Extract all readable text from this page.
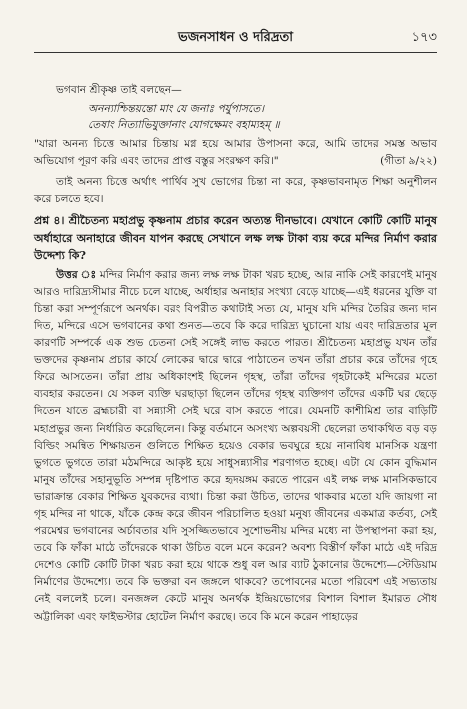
ভজনসাধন ও দরিদ্রতা	১৭৩

ভগবান শ্রীকৃষ্ণ তাই বলছেন—

অনন্যাশ্চিন্তয়ন্তো মাং যে জনাঃ পর্যুপাসতে।
তেষাং নিত্যাভিযুক্তানাং যোগক্ষেমং বহাম্যহম্ ॥

"যারা অনন্য চিত্তে আমার চিন্তায় মগ্ন হয়ে আমার উপাসনা করে, আমি তাদের সমস্ত অভাব অভিযোগ পূরণ করি এবং তাদের প্রাপ্ত বস্তুর সংরক্ষণ করি।"	(গীতা ৯/২২)

তাই অনন্য চিত্তে অর্থাৎ পার্থিব সুখ ভোগের চিন্তা না করে, কৃষ্ণভাবনামৃত শিক্ষা অনুশীলন করে চলতে হবে।

প্রশ্ন ৪। শ্রীচৈতন্য মহাপ্রভু কৃষ্ণনাম প্রচার করেন অত্যন্ত দীনভাবে। যেখানে কোটি কোটি মানুষ অর্ধাহারে অনাহারে জীবন যাপন করছে সেখানে লক্ষ লক্ষ টাকা ব্যয় করে মন্দির নির্মাণ করার উদ্দেশ্য কি?

উত্তর ঃ মন্দির নির্মাণ করার জন্য লক্ষ লক্ষ টাকা খরচ হচ্ছে, আর নাকি সেই কারণেই মানুষ আরও দারিদ্র্যসীমার নীচে চলে যাচ্ছে, অর্ধাহার অনাহার সংখ্যা বেড়ে যাচ্ছে—এই ধরনের যুক্তি বা চিন্তা করা সম্পূর্ণরূপে অনর্থক। বরং বিপরীত কথাটাই সত্য যে, মানুষ যদি মন্দির তৈরির জন্য দান দিত, মন্দিরে এসে ভগবানের কথা শুনত—তবে কি করে দারিদ্র্য ঘুচানো যায় এবং দারিদ্রতার মূল কারণটি সম্পর্কে এক শুভ চেতনা সেই সঙ্গেই লাভ করতে পারত। শ্রীচৈতন্য মহাপ্রভু যখন তাঁর ভক্তদের কৃষ্ণনাম প্রচার কার্যে লোকের দ্বারে দ্বারে পাঠাতেন তখন তাঁরা প্রচার করে তাঁদের গৃহে ফিরে আসতেন। তাঁরা প্রায় অধিকাংশই ছিলেন গৃহস্থ, তাঁরা তাঁদের গৃহটাকেই মন্দিরের মতো ব্যবহার করতেন। যে সকল ব্যক্তি ঘরছাড়া ছিলেন তাঁদের গৃহস্থ ব্যক্তিগণ তাঁদের একটি ঘর ছেড়ে দিতেন যাতে ব্রহ্মচারী বা সন্ন্যাসী সেই ঘরে বাস করতে পারে। যেমনটি কাশীমিশ্র তার বাড়িটি মহাপ্রভুর জন্য নির্ধারিত করেছিলেন। কিন্তু বর্তমানে অসংখ্য অল্পবয়সী ছেলেরা তথাকথিত বড় বড় বিল্ডিং সমন্বিত শিক্ষায়তন গুলিতে শিক্ষিত হয়েও বেকার ভবঘুরে হয়ে নানাবিধ মানসিক যন্ত্রণা ভুগতে ভুগতে তারা মঠমন্দিরে আকৃষ্ট হয়ে সাধুসন্ন্যাসীর শরণাগত হচ্ছে। এটা যে কোন বুদ্ধিমান মানুষ তাঁদের সহানুভূতি সম্পন্ন দৃষ্টিপাত করে হৃদয়ঙ্গম করতে পারেন এই লক্ষ লক্ষ মানসিকভাবে ভারাক্রান্ত বেকার শিক্ষিত যুবকদের ব্যথা। চিন্তা করা উচিত, তাদের থাকবার মতো যদি জায়গা না গৃহ মন্দির না থাকে, যাঁকে কেন্দ্র করে জীবন পরিচালিত হওয়া মনুষ্য জীবনের একমাত্র কর্তব্য, সেই পরমেশ্বর ভগবানের অর্চাবতার যদি সুসজ্জিতভাবে সুশোভনীয় মন্দির মধ্যে না উপস্থাপনা করা হয়, তবে কি ফাঁকা মাঠে তাঁদেরকে থাকা উচিত বলে মনে করেন? অবশ্য বিস্তীর্ণ ফাঁকা মাঠে এই দরিদ্র দেশেও কোটি কোটি টাকা খরচ করা হয়ে থাকে শুধু বল আর ব্যাট ঠুকানোর উদ্দেশ্যে—স্টেডিয়াম নির্মাণের উদ্দেশ্যে। তবে কি ভক্তরা বন জঙ্গলে থাকবে? তপোবনের মতো পরিবেশ এই সভ্যতায় নেই বললেই চলে। বনজঙ্গল কেটে মানুষ অনর্থক ইন্দ্রিয়ভোগের বিশাল বিশাল ইমারত সৌধ অট্টালিকা এবং ফাইভস্টার হোটেল নির্মাণ করছে। তবে কি মনে করেন পাহাড়ের
